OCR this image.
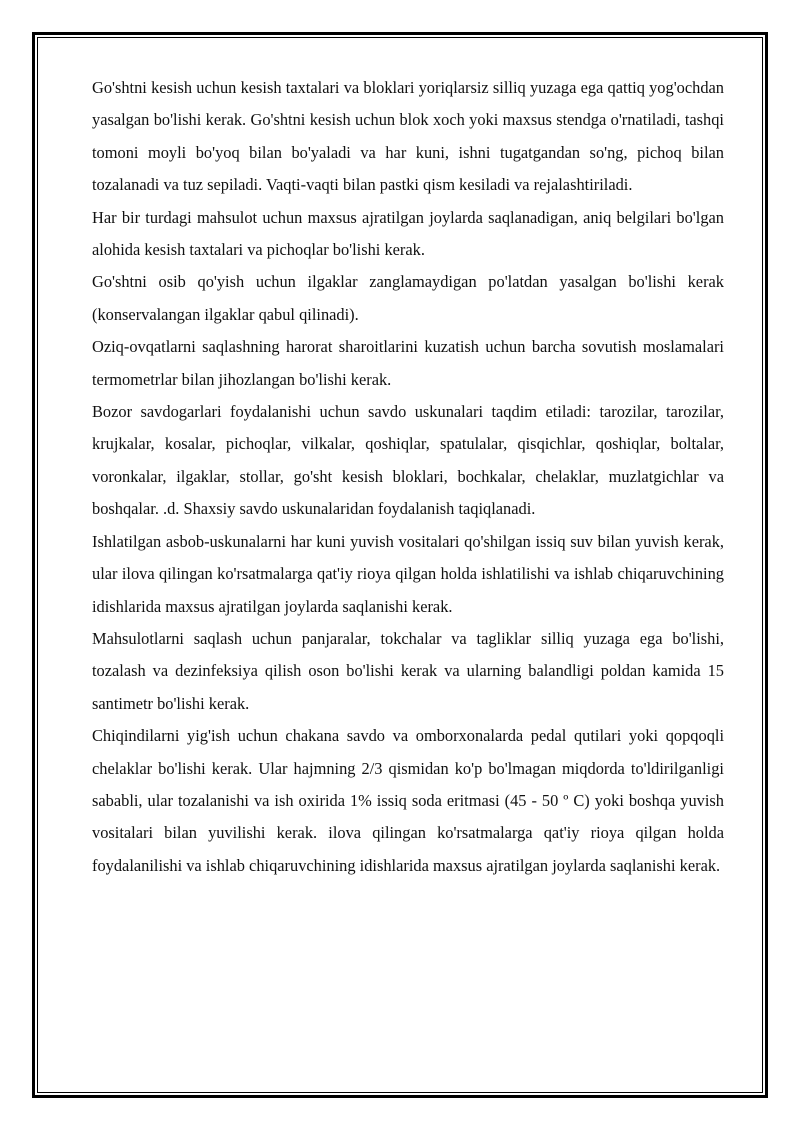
Go'shtni kesish uchun kesish taxtalari va bloklari yoriqlarsiz silliq yuzaga ega qattiq yog'ochdan yasalgan bo'lishi kerak. Go'shtni kesish uchun blok xoch yoki maxsus stendga o'rnatiladi, tashqi tomoni moyli bo'yoq bilan bo'yaladi va har kuni, ishni tugatgandan so'ng, pichoq bilan tozalanadi va tuz sepiladi. Vaqti-vaqti bilan pastki qism kesiladi va rejalashtiriladi.

Har bir turdagi mahsulot uchun maxsus ajratilgan joylarda saqlanadigan, aniq belgilari bo'lgan alohida kesish taxtalari va pichoqlar bo'lishi kerak.

Go'shtni osib qo'yish uchun ilgaklar zanglamaydigan po'latdan yasalgan bo'lishi kerak (konservalangan ilgaklar qabul qilinadi).

Oziq-ovqatlarni saqlashning harorat sharoitlarini kuzatish uchun barcha sovutish moslamalari termometrlar bilan jihozlangan bo'lishi kerak.

Bozor savdogarlari foydalanishi uchun savdo uskunalari taqdim etiladi: tarozilar, tarozilar, krujkalar, kosalar, pichoqlar, vilkalar, qoshiqlar, spatulalar, qisqichlar, qoshiqlar, boltalar, voronkalar, ilgaklar, stollar, go'sht kesish bloklari, bochkalar, chelaklar, muzlatgichlar va boshqalar. .d. Shaxsiy savdo uskunalaridan foydalanish taqiqlanadi.

Ishlatilgan asbob-uskunalarni har kuni yuvish vositalari qo'shilgan issiq suv bilan yuvish kerak, ular ilova qilingan ko'rsatmalarga qat'iy rioya qilgan holda ishlatilishi va ishlab chiqaruvchining idishlarida maxsus ajratilgan joylarda saqlanishi kerak.

Mahsulotlarni saqlash uchun panjaralar, tokchalar va tagliklar silliq yuzaga ega bo'lishi, tozalash va dezinfeksiya qilish oson bo'lishi kerak va ularning balandligi poldan kamida 15 santimetr bo'lishi kerak.

Chiqindilarni yig'ish uchun chakana savdo va omborxonalarda pedal qutilari yoki qopqoqli chelaklar bo'lishi kerak. Ular hajmning 2/3 qismidan ko'p bo'lmagan miqdorda to'ldirilganligi sababli, ular tozalanishi va ish oxirida 1% issiq soda eritmasi (45 - 50 º C) yoki boshqa yuvish vositalari bilan yuvilishi kerak. ilova qilingan ko'rsatmalarga qat'iy rioya qilgan holda foydalanilishi va ishlab chiqaruvchining idishlarida maxsus ajratilgan joylarda saqlanishi kerak.
